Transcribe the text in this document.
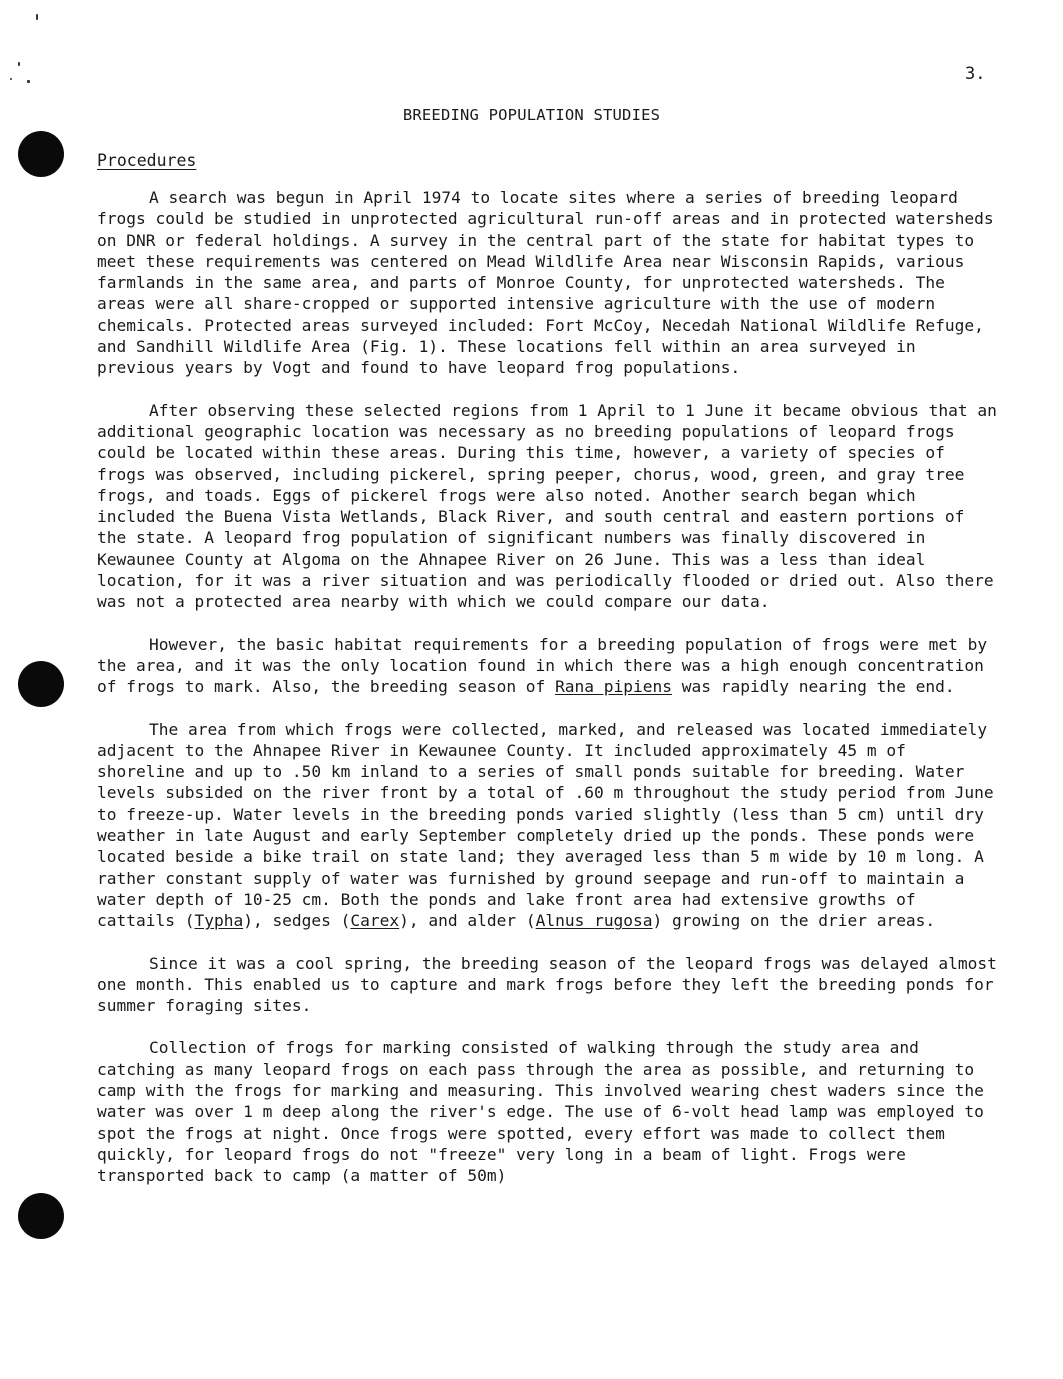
3.
BREEDING POPULATION STUDIES
Procedures

A search was begun in April 1974 to locate sites where a series of breeding leopard frogs could be studied in unprotected agricultural run-off areas and in protected watersheds on DNR or federal holdings. A survey in the central part of the state for habitat types to meet these requirements was centered on Mead Wildlife Area near Wisconsin Rapids, various farmlands in the same area, and parts of Monroe County, for unprotected watersheds. The areas were all share-cropped or supported intensive agriculture with the use of modern chemicals. Protected areas surveyed included: Fort McCoy, Necedah National Wildlife Refuge, and Sandhill Wildlife Area (Fig. 1). These locations fell within an area surveyed in previous years by Vogt and found to have leopard frog populations.

After observing these selected regions from 1 April to 1 June it became obvious that an additional geographic location was necessary as no breeding populations of leopard frogs could be located within these areas. During this time, however, a variety of species of frogs was observed, including pickerel, spring peeper, chorus, wood, green, and gray tree frogs, and toads. Eggs of pickerel frogs were also noted. Another search began which included the Buena Vista Wetlands, Black River, and south central and eastern portions of the state. A leopard frog population of significant numbers was finally discovered in Kewaunee County at Algoma on the Ahnapee River on 26 June. This was a less than ideal location, for it was a river situation and was periodically flooded or dried out. Also there was not a protected area nearby with which we could compare our data.

However, the basic habitat requirements for a breeding population of frogs were met by the area, and it was the only location found in which there was a high enough concentration of frogs to mark. Also, the breeding season of Rana pipiens was rapidly nearing the end.

The area from which frogs were collected, marked, and released was located immediately adjacent to the Ahnapee River in Kewaunee County. It included approximately 45 m of shoreline and up to .50 km inland to a series of small ponds suitable for breeding. Water levels subsided on the river front by a total of .60 m throughout the study period from June to freeze-up. Water levels in the breeding ponds varied slightly (less than 5 cm) until dry weather in late August and early September completely dried up the ponds. These ponds were located beside a bike trail on state land; they averaged less than 5 m wide by 10 m long. A rather constant supply of water was furnished by ground seepage and run-off to maintain a water depth of 10-25 cm. Both the ponds and lake front area had extensive growths of cattails (Typha), sedges (Carex), and alder (Alnus rugosa) growing on the drier areas.

Since it was a cool spring, the breeding season of the leopard frogs was delayed almost one month. This enabled us to capture and mark frogs before they left the breeding ponds for summer foraging sites.

Collection of frogs for marking consisted of walking through the study area and catching as many leopard frogs on each pass through the area as possible, and returning to camp with the frogs for marking and measuring. This involved wearing chest waders since the water was over 1 m deep along the river's edge. The use of 6-volt head lamp was employed to spot the frogs at night. Once frogs were spotted, every effort was made to collect them quickly, for leopard frogs do not "freeze" very long in a beam of light. Frogs were transported back to camp (a matter of 50m)
